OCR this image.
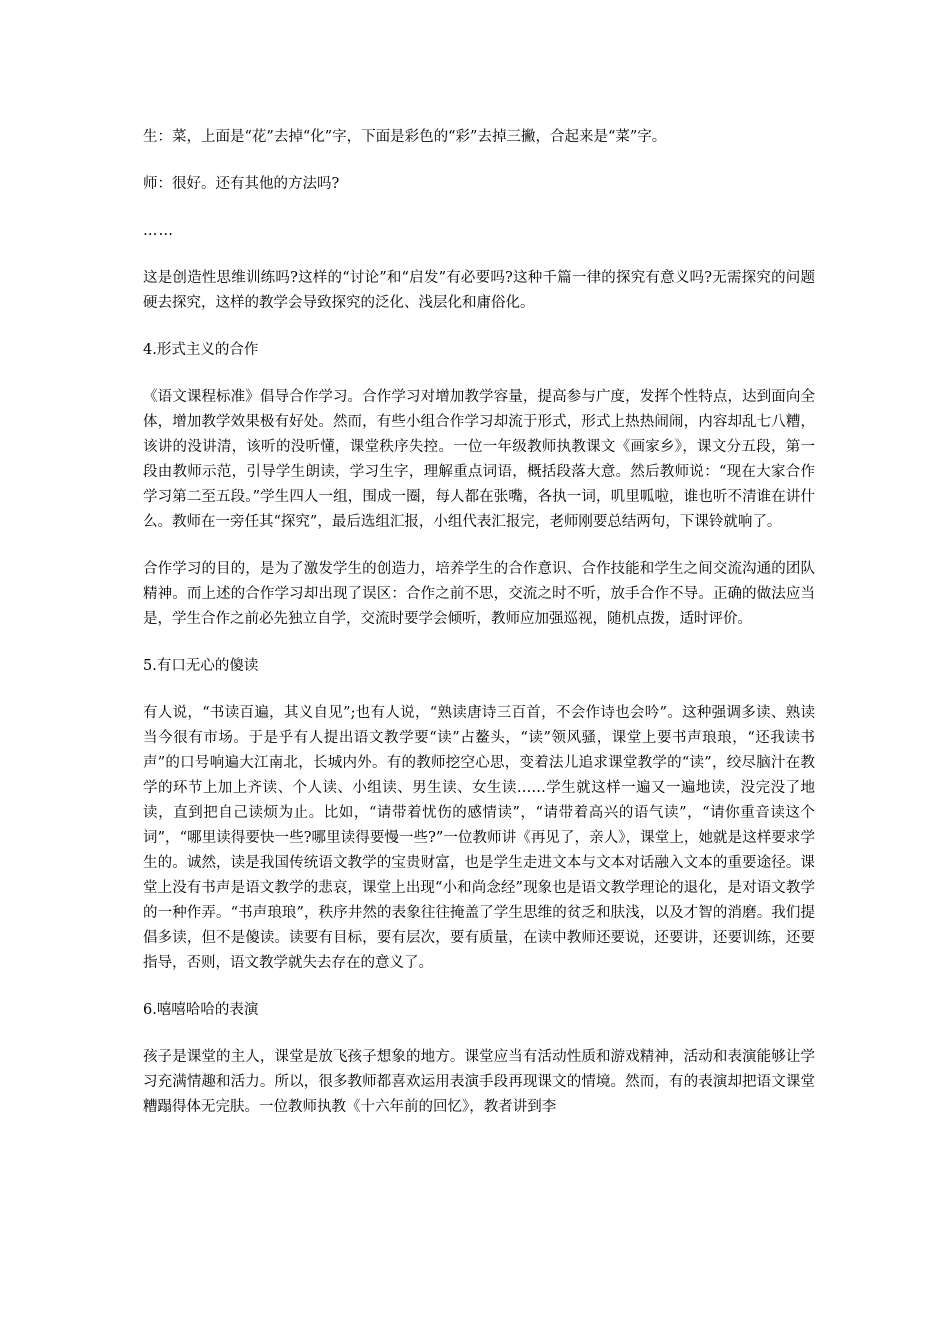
生：菜，上面是“花”去掉“化”字，下面是彩色的“彩”去掉三撇，合起来是“菜”字。

师：很好。还有其他的方法吗?

……

这是创造性思维训练吗?这样的“讨论”和“启发”有必要吗?这种千篇一律的探究有意义吗?无需探究的问题硬去探究，这样的教学会导致探究的泛化、浅层化和庸俗化。

4.形式主义的合作

《语文课程标准》倡导合作学习。合作学习对增加教学容量，提高参与广度，发挥个性特点，达到面向全体，增加教学效果极有好处。然而，有些小组合作学习却流于形式，形式上热热闹闹，内容却乱七八糟，该讲的没讲清，该听的没听懂，课堂秩序失控。一位一年级教师执教课文《画家乡》，课文分五段，第一段由教师示范，引导学生朗读，学习生字，理解重点词语，概括段落大意。然后教师说：“现在大家合作学习第二至五段。”学生四人一组，围成一圈，每人都在张嘴，各执一词，叽里呱啦，谁也听不清谁在讲什么。教师在一旁任其“探究”，最后选组汇报，小组代表汇报完，老师刚要总结两句，下课铃就响了。

合作学习的目的，是为了激发学生的创造力，培养学生的合作意识、合作技能和学生之间交流沟通的团队精神。而上述的合作学习却出现了误区：合作之前不思，交流之时不听，放手合作不导。正确的做法应当是，学生合作之前必先独立自学，交流时要学会倾听，教师应加强巡视，随机点拨，适时评价。

5.有口无心的傻读

有人说，“书读百遍，其义自见”;也有人说，“熟读唐诗三百首，不会作诗也会吟”。这种强调多读、熟读当今很有市场。于是乎有人提出语文教学要“读”占鳌头，“读”领风骚，课堂上要书声琅琅，“还我读书声”的口号响遍大江南北，长城内外。有的教师挖空心思，变着法儿追求课堂教学的“读”，绞尽脑汁在教学的环节上加上齐读、个人读、小组读、男生读、女生读……学生就这样一遍又一遍地读，没完没了地读，直到把自己读烦为止。比如，“请带着忧伤的感情读”，“请带着高兴的语气读”，“请你重音读这个词”，“哪里读得要快一些?哪里读得要慢一些?”一位教师讲《再见了，亲人》，课堂上，她就是这样要求学生的。诚然，读是我国传统语文教学的宝贵财富，也是学生走进文本与文本对话融入文本的重要途径。课堂上没有书声是语文教学的悲哀，课堂上出现“小和尚念经”现象也是语文教学理论的退化，是对语文教学的一种作弄。“书声琅琅”，秩序井然的表象往往掩盖了学生思维的贫乏和肤浅，以及才智的消磨。我们提倡多读，但不是傻读。读要有目标，要有层次，要有质量，在读中教师还要说，还要讲，还要训练，还要指导，否则，语文教学就失去存在的意义了。

6.嘻嘻哈哈的表演

孩子是课堂的主人，课堂是放飞孩子想象的地方。课堂应当有活动性质和游戏精神，活动和表演能够让学习充满情趣和活力。所以，很多教师都喜欢运用表演手段再现课文的情境。然而，有的表演却把语文课堂糟蹋得体无完肤。一位教师执教《十六年前的回忆》，教者讲到李
